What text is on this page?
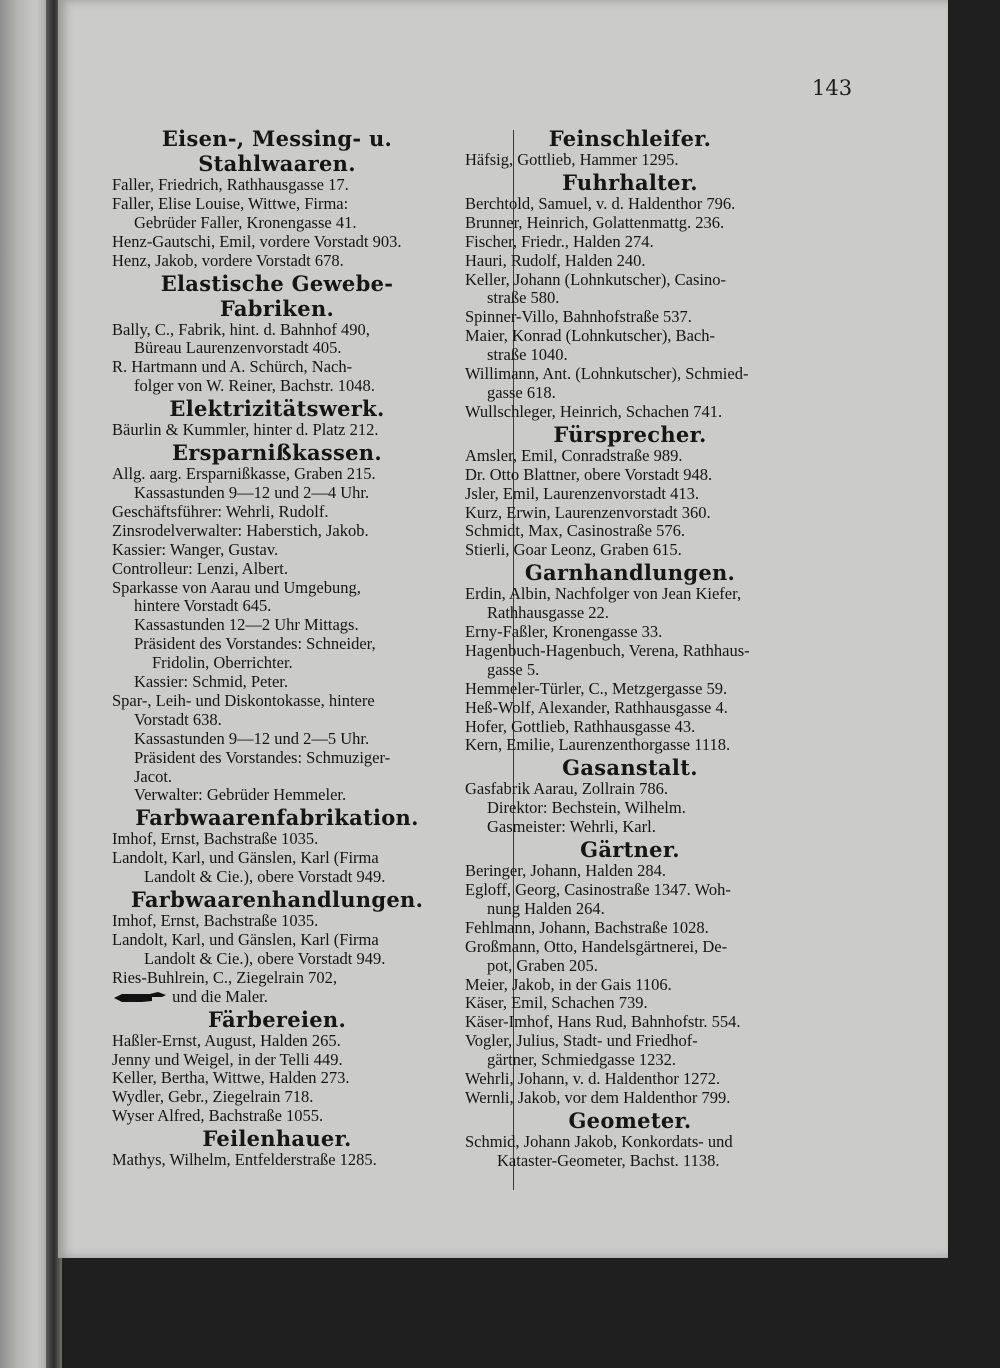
143
Eisen-, Messing- u. Stahlwaaren.
Faller, Friedrich, Rathhausgasse 17.
Faller, Elise Louise, Wittwe, Firma:
Gebrüder Faller, Kronengasse 41.
Henz-Gautschi, Emil, vordere Vorstadt 903.
Henz, Jakob, vordere Vorstadt 678.
Elastische Gewebe-Fabriken.
Bally, C., Fabrik, hint. d. Bahnhof 490,
Büreau Laurenzenvorstadt 405.
R. Hartmann und A. Schürch, Nach-
folger von W. Reiner, Bachstr. 1048.
Elektrizitätswerk.
Bäurlin & Kummler, hinter d. Platz 212.
Ersparnißkassen.
Allg. aarg. Ersparnißkasse, Graben 215.
Kassastunden 9—12 und 2—4 Uhr.
Geschäftsführer: Wehrli, Rudolf.
Zinsrodelverwalter: Haberstich, Jakob.
Kassier: Wanger, Gustav.
Controlleur: Lenzi, Albert.
Sparkasse von Aarau und Umgebung,
hintere Vorstadt 645.
Kassastunden 12—2 Uhr Mittags.
Präsident des Vorstandes: Schneider,
Fridolin, Oberrichter.
Kassier: Schmid, Peter.
Spar-, Leih- und Diskontokasse, hintere
Vorstadt 638.
Kassastunden 9—12 und 2—5 Uhr.
Präsident des Vorstandes: Schmuziger-
Jacot.
Verwalter: Gebrüder Hemmeler.
Farbwaarenfabrikation.
Imhof, Ernst, Bachstraße 1035.
Landolt, Karl, und Gänslen, Karl (Firma
Landolt & Cie.), obere Vorstadt 949.
Farbwaarenhandlungen.
Imhof, Ernst, Bachstraße 1035.
Landolt, Karl, und Gänslen, Karl (Firma
Landolt & Cie.), obere Vorstadt 949.
Ries-Buhlrein, C., Ziegelrain 702,
und die Maler.
Färbereien.
Haßler-Ernst, August, Halden 265.
Jenny und Weigel, in der Telli 449.
Keller, Bertha, Wittwe, Halden 273.
Wydler, Gebr., Ziegelrain 718.
Wyser Alfred, Bachstraße 1055.
Feilenhauer.
Mathys, Wilhelm, Entfelderstraße 1285.
Feinschleifer.
Häfsig, Gottlieb, Hammer 1295.
Fuhrhalter.
Berchtold, Samuel, v. d. Haldenthor 796.
Brunner, Heinrich, Golattenmattg. 236.
Fischer, Friedr., Halden 274.
Hauri, Rudolf, Halden 240.
Keller, Johann (Lohnkutscher), Casino-
straße 580.
Spinner-Villo, Bahnhofstraße 537.
Maier, Konrad (Lohnkutscher), Bach-
straße 1040.
Willimann, Ant. (Lohnkutscher), Schmied-
gasse 618.
Wullschleger, Heinrich, Schachen 741.
Fürsprecher.
Amsler, Emil, Conradstraße 989.
Dr. Otto Blattner, obere Vorstadt 948.
Jsler, Emil, Laurenzenvorstadt 413.
Kurz, Erwin, Laurenzenvorstadt 360.
Schmidt, Max, Casinostraße 576.
Stierli, Goar Leonz, Graben 615.
Garnhandlungen.
Erdin, Albin, Nachfolger von Jean Kiefer,
Rathhausgasse 22.
Erny-Faßler, Kronengasse 33.
Hagenbuch-Hagenbuch, Verena, Rathhaus-
gasse 5.
Hemmeler-Türler, C., Metzgergasse 59.
Heß-Wolf, Alexander, Rathhausgasse 4.
Hofer, Gottlieb, Rathhausgasse 43.
Kern, Emilie, Laurenzenthorgasse 1118.
Gasanstalt.
Gasfabrik Aarau, Zollrain 786.
Direktor: Bechstein, Wilhelm.
Gasmeister: Wehrli, Karl.
Gärtner.
Beringer, Johann, Halden 284.
Egloff, Georg, Casinostraße 1347. Woh-
nung Halden 264.
Fehlmann, Johann, Bachstraße 1028.
Großmann, Otto, Handelsgärtnerei, De-
pot, Graben 205.
Meier, Jakob, in der Gais 1106.
Käser, Emil, Schachen 739.
Käser-Imhof, Hans Rud, Bahnhofstr. 554.
Vogler, Julius, Stadt- und Friedhof-
gärtner, Schmiedgasse 1232.
Wehrli, Johann, v. d. Haldenthor 1272.
Wernli, Jakob, vor dem Haldenthor 799.
Geometer.
Schmid, Johann Jakob, Konkordats- und
Kataster-Geometer, Bachst. 1138.
